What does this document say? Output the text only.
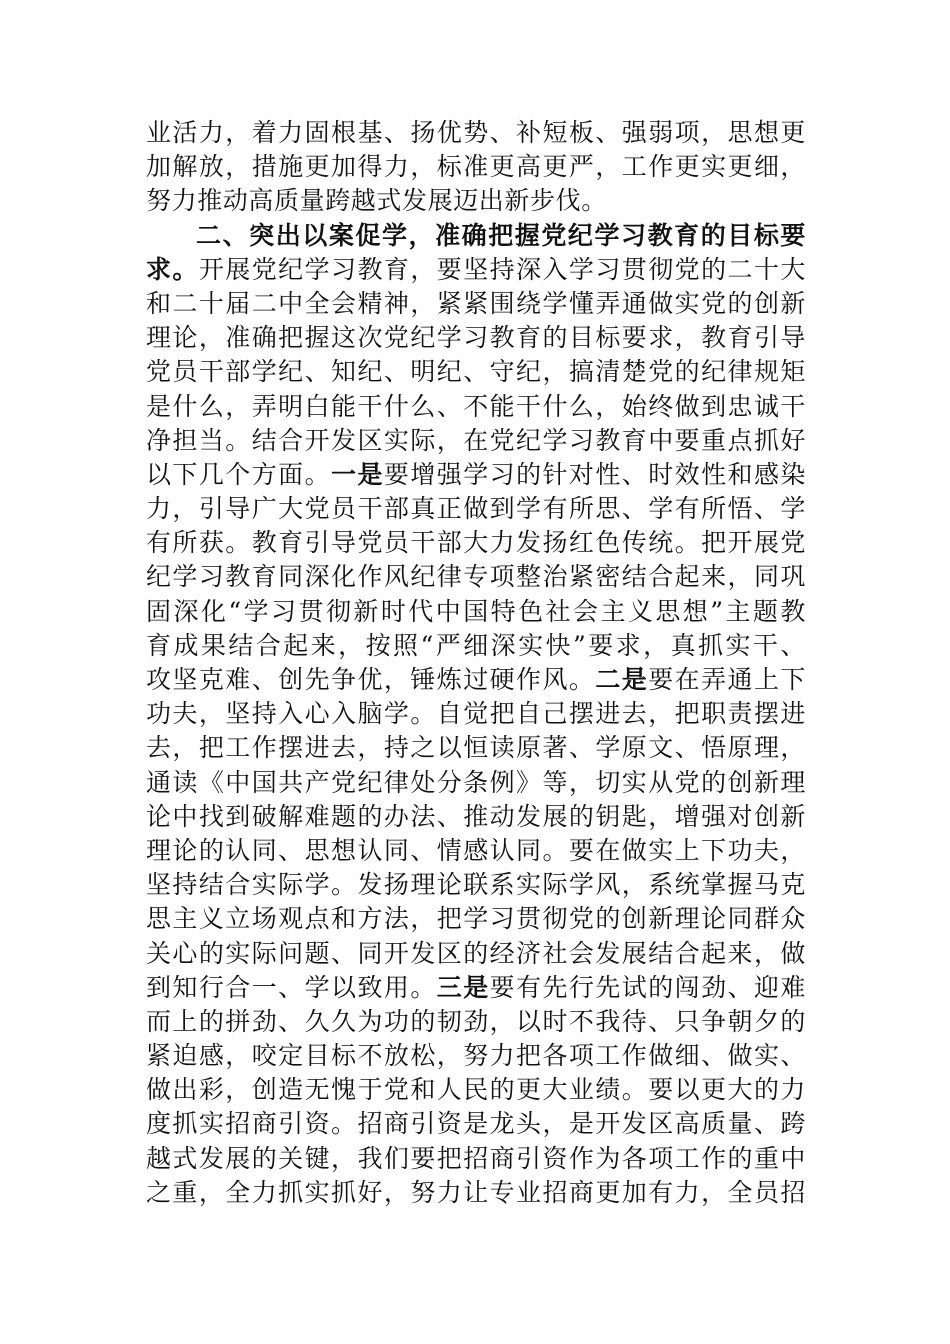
业活力，着力固根基、扬优势、补短板、强弱项，思想更
加解放，措施更加得力，标准更高更严，工作更实更细，
努力推动高质量跨越式发展迈出新步伐。
二、突出以案促学，准确把握党纪学习教育的目标要
求。开展党纪学习教育，要坚持深入学习贯彻党的二十大
和二十届二中全会精神，紧紧围绕学懂弄通做实党的创新
理论，准确把握这次党纪学习教育的目标要求，教育引导
党员干部学纪、知纪、明纪、守纪，搞清楚党的纪律规矩
是什么，弄明白能干什么、不能干什么，始终做到忠诚干
净担当。结合开发区实际，在党纪学习教育中要重点抓好
以下几个方面。一是要增强学习的针对性、时效性和感染
力，引导广大党员干部真正做到学有所思、学有所悟、学
有所获。教育引导党员干部大力发扬红色传统。把开展党
纪学习教育同深化作风纪律专项整治紧密结合起来，同巩
固深化“学习贯彻新时代中国特色社会主义思想”主题教
育成果结合起来，按照“严细深实快”要求，真抓实干、
攻坚克难、创先争优，锤炼过硬作风。二是要在弄通上下
功夫，坚持入心入脑学。自觉把自己摆进去，把职责摆进
去，把工作摆进去，持之以恒读原著、学原文、悟原理，
通读《中国共产党纪律处分条例》等，切实从党的创新理
论中找到破解难题的办法、推动发展的钥匙，增强对创新
理论的认同、思想认同、情感认同。要在做实上下功夫，
坚持结合实际学。发扬理论联系实际学风，系统掌握马克
思主义立场观点和方法，把学习贯彻党的创新理论同群众
关心的实际问题、同开发区的经济社会发展结合起来，做
到知行合一、学以致用。三是要有先行先试的闯劲、迎难
而上的拼劲、久久为功的韧劲，以时不我待、只争朝夕的
紧迫感，咬定目标不放松，努力把各项工作做细、做实、
做出彩，创造无愧于党和人民的更大业绩。要以更大的力
度抓实招商引资。招商引资是龙头，是开发区高质量、跨
越式发展的关键，我们要把招商引资作为各项工作的重中
之重，全力抓实抓好，努力让专业招商更加有力，全员招
